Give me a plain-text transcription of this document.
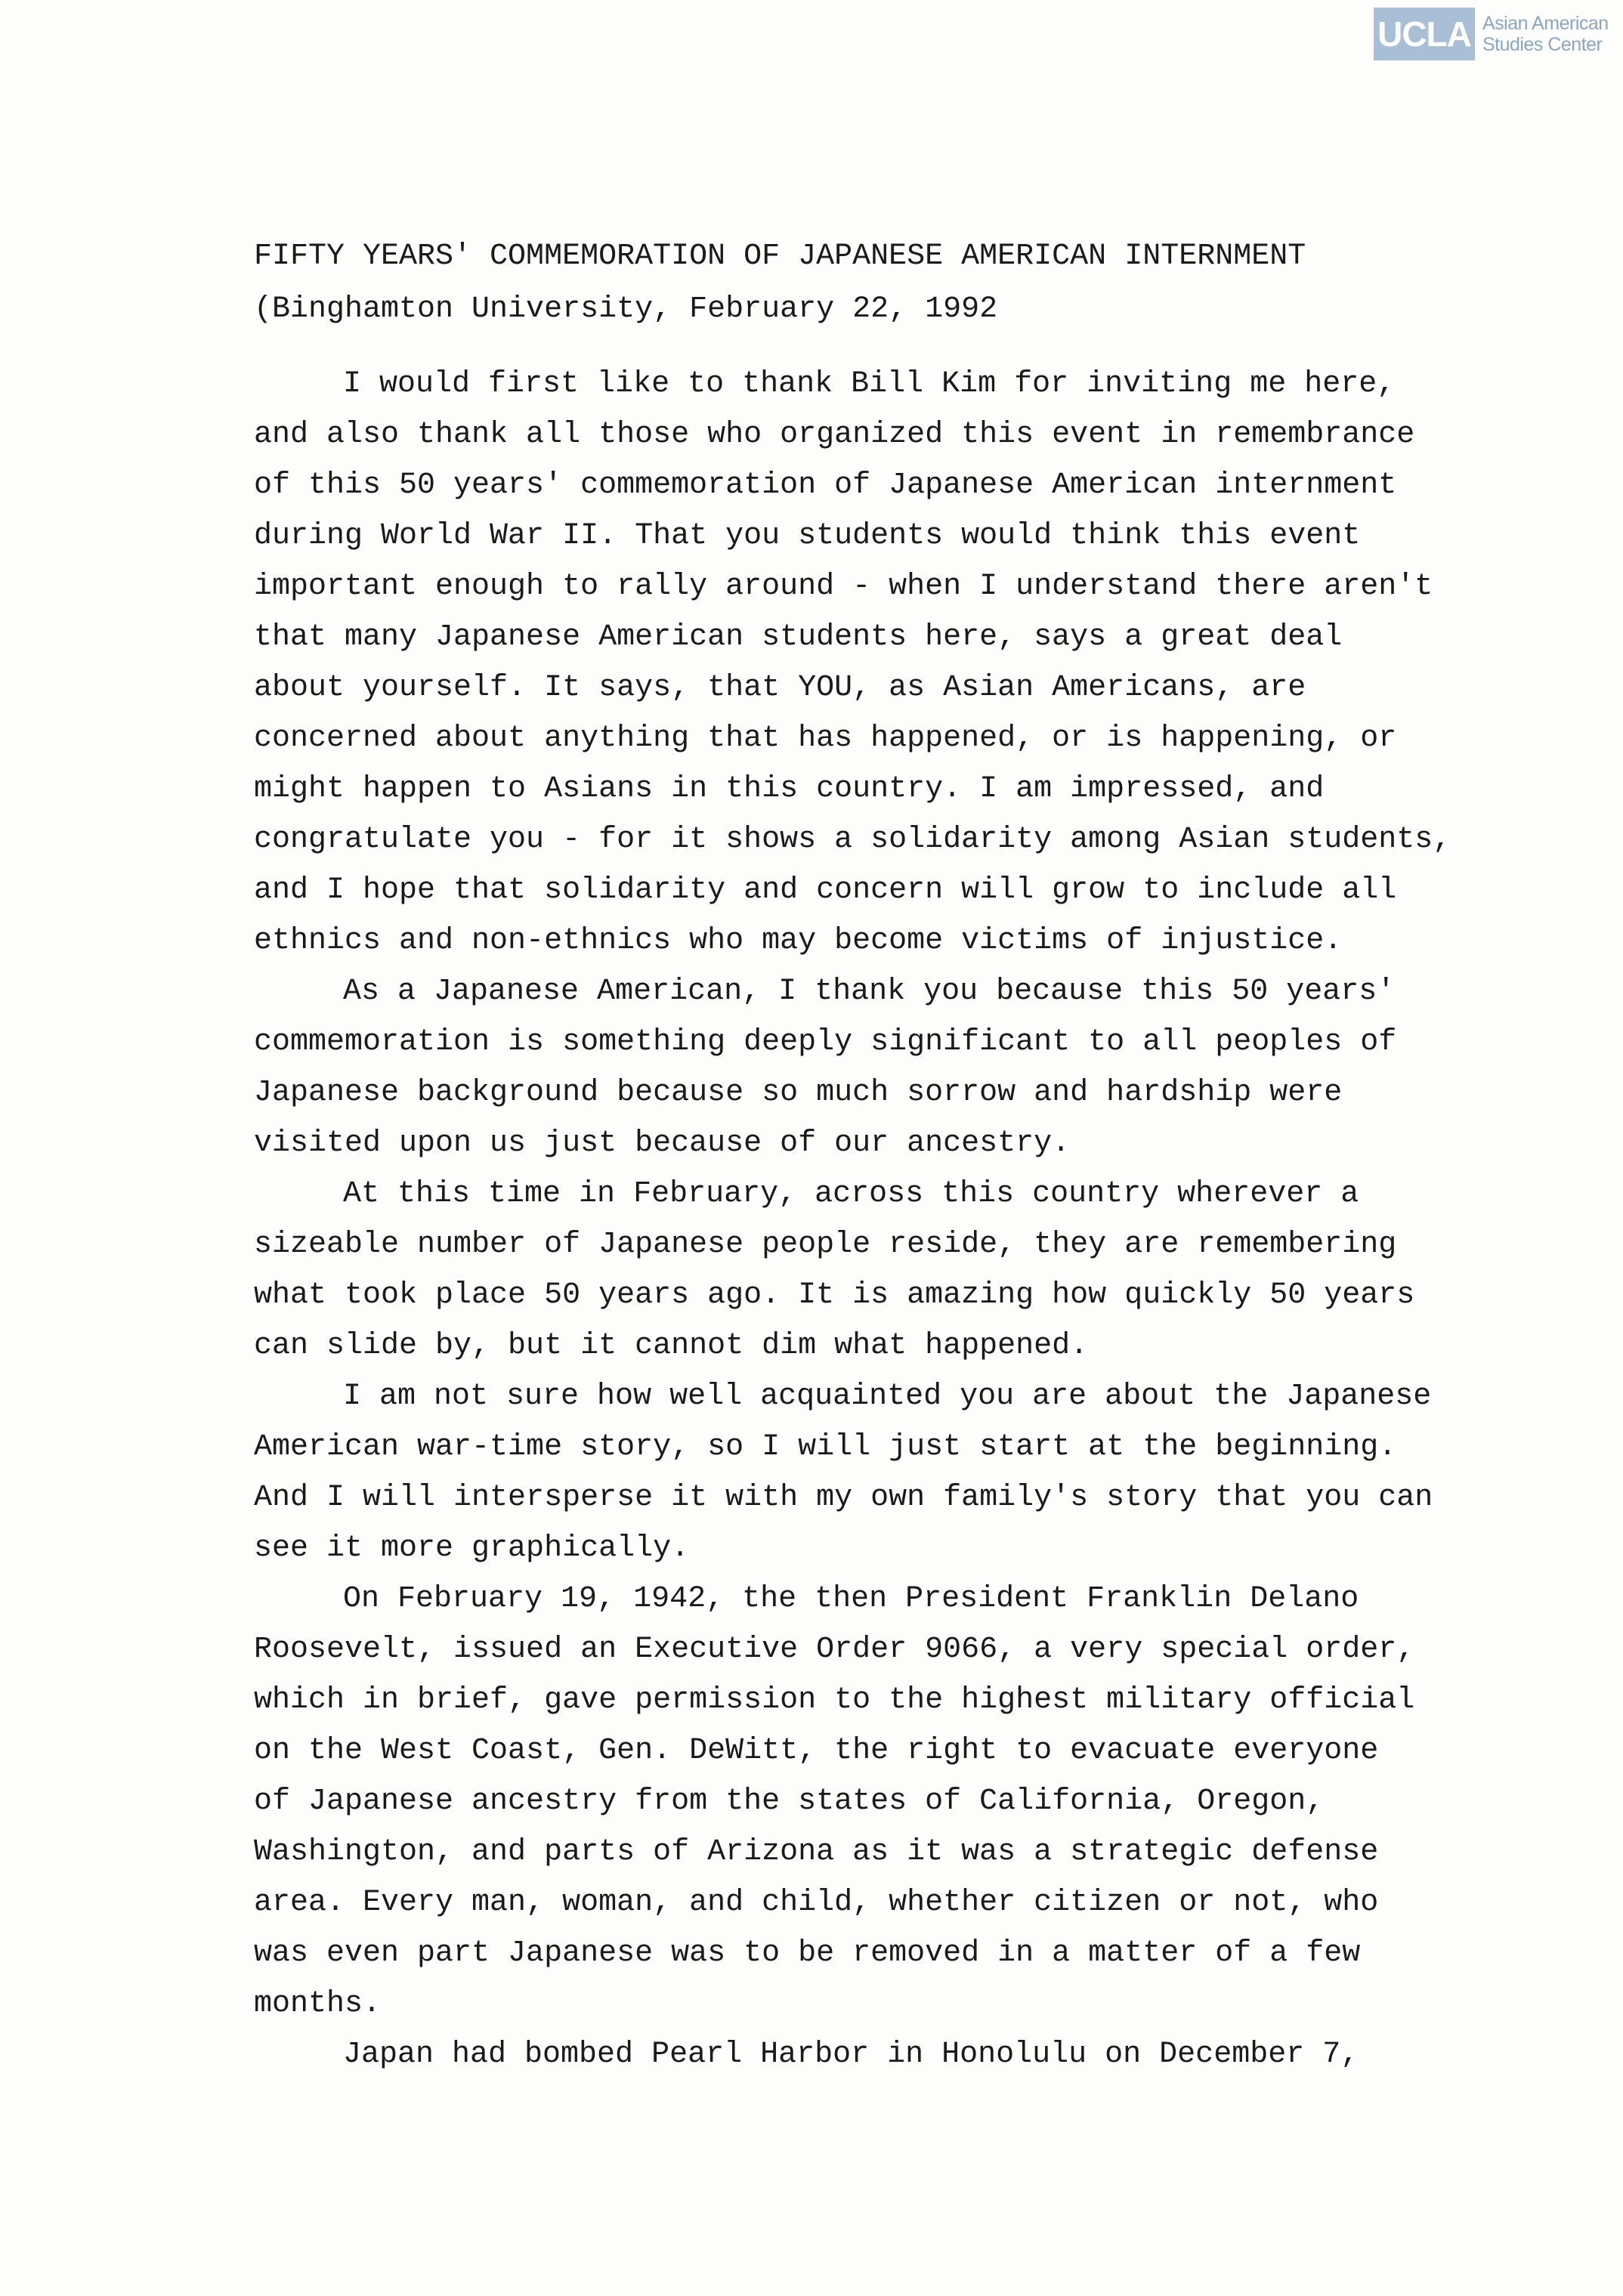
UCLA Asian American
Studies Center
FIFTY YEARS' COMMEMORATION OF JAPANESE AMERICAN INTERNMENT
(Binghamton University, February 22, 1992
I would first like to thank Bill Kim for inviting me here,
and also thank all those who organized this event in remembrance
of this 50 years' commemoration of Japanese American internment
during World War II. That you students would think this event
important enough to rally around - when I understand there aren't
that many Japanese American students here, says a great deal
about yourself. It says, that YOU, as Asian Americans, are
concerned about anything that has happened, or is happening, or
might happen to Asians in this country. I am impressed, and
congratulate you - for it shows a solidarity among Asian students,
and I hope that solidarity and concern will grow to include all
ethnics and non-ethnics who may become victims of injustice.
As a Japanese American, I thank you because this 50 years'
commemoration is something deeply significant to all peoples of
Japanese background because so much sorrow and hardship were
visited upon us just because of our ancestry.
At this time in February, across this country wherever a
sizeable number of Japanese people reside, they are remembering
what took place 50 years ago. It is amazing how quickly 50 years
can slide by, but it cannot dim what happened.
I am not sure how well acquainted you are about the Japanese
American war-time story, so I will just start at the beginning.
And I will intersperse it with my own family's story that you can
see it more graphically.
On February 19, 1942, the then President Franklin Delano
Roosevelt, issued an Executive Order 9066, a very special order,
which in brief, gave permission to the highest military official
on the West Coast, Gen. DeWitt, the right to evacuate everyone
of Japanese ancestry from the states of California, Oregon,
Washington, and parts of Arizona as it was a strategic defense
area. Every man, woman, and child, whether citizen or not, who
was even part Japanese was to be removed in a matter of a few
months.
Japan had bombed Pearl Harbor in Honolulu on December 7,
